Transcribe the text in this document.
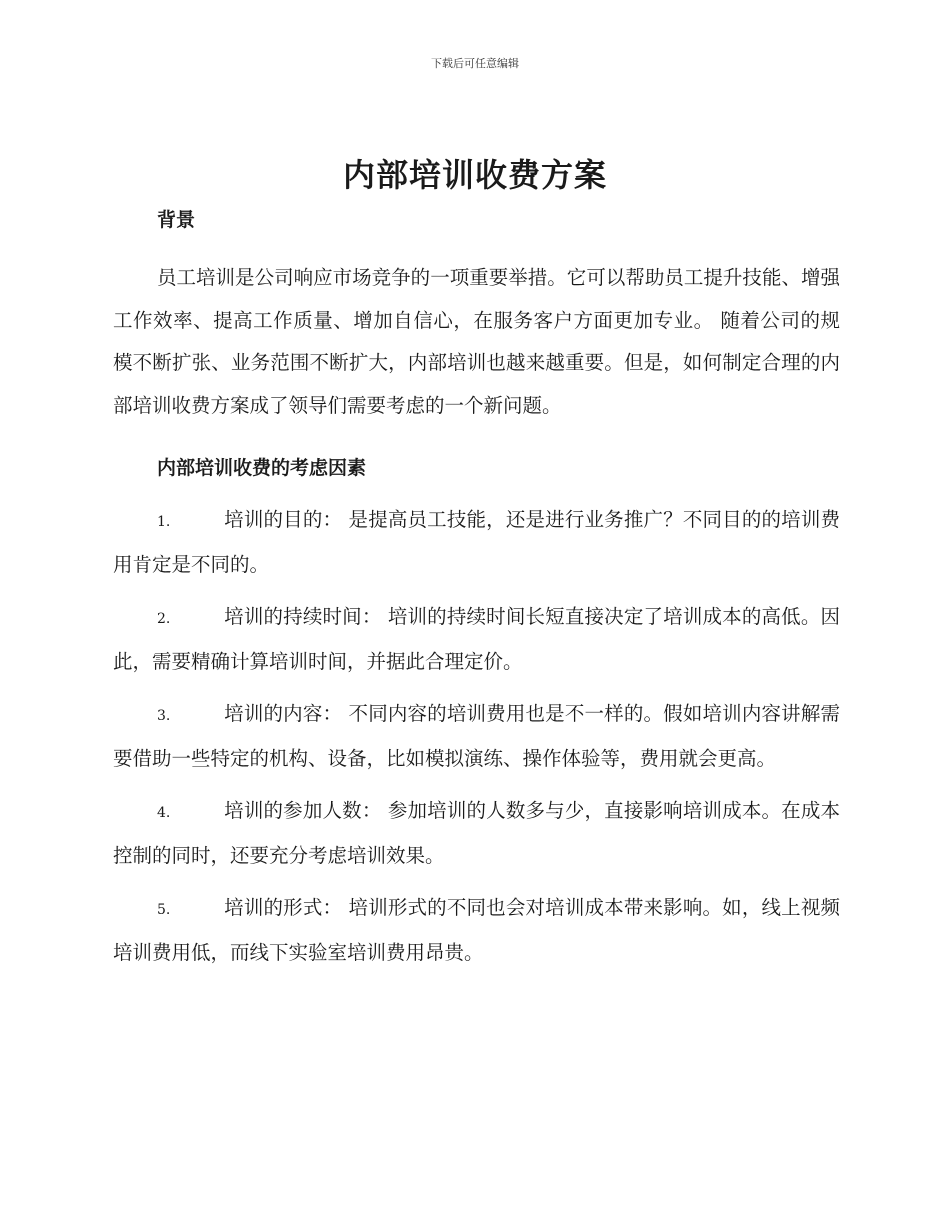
下载后可任意编辑
内部培训收费方案
背景
员工培训是公司响应市场竞争的一项重要举措。它可以帮助员工提升技能、增强工作效率、提高工作质量、增加自信心，在服务客户方面更加专业。 随着公司的规模不断扩张、业务范围不断扩大，内部培训也越来越重要。但是，如何制定合理的内部培训收费方案成了领导们需要考虑的一个新问题。
内部培训收费的考虑因素
1.	培训的目的： 是提高员工技能，还是进行业务推广？不同目的的培训费用肯定是不同的。
2.	培训的持续时间： 培训的持续时间长短直接决定了培训成本的高低。因此，需要精确计算培训时间，并据此合理定价。
3.	培训的内容： 不同内容的培训费用也是不一样的。假如培训内容讲解需要借助一些特定的机构、设备，比如模拟演练、操作体验等，费用就会更高。
4.	培训的参加人数： 参加培训的人数多与少，直接影响培训成本。在成本控制的同时，还要充分考虑培训效果。
5.	培训的形式： 培训形式的不同也会对培训成本带来影响。如，线上视频培训费用低，而线下实验室培训费用昂贵。
